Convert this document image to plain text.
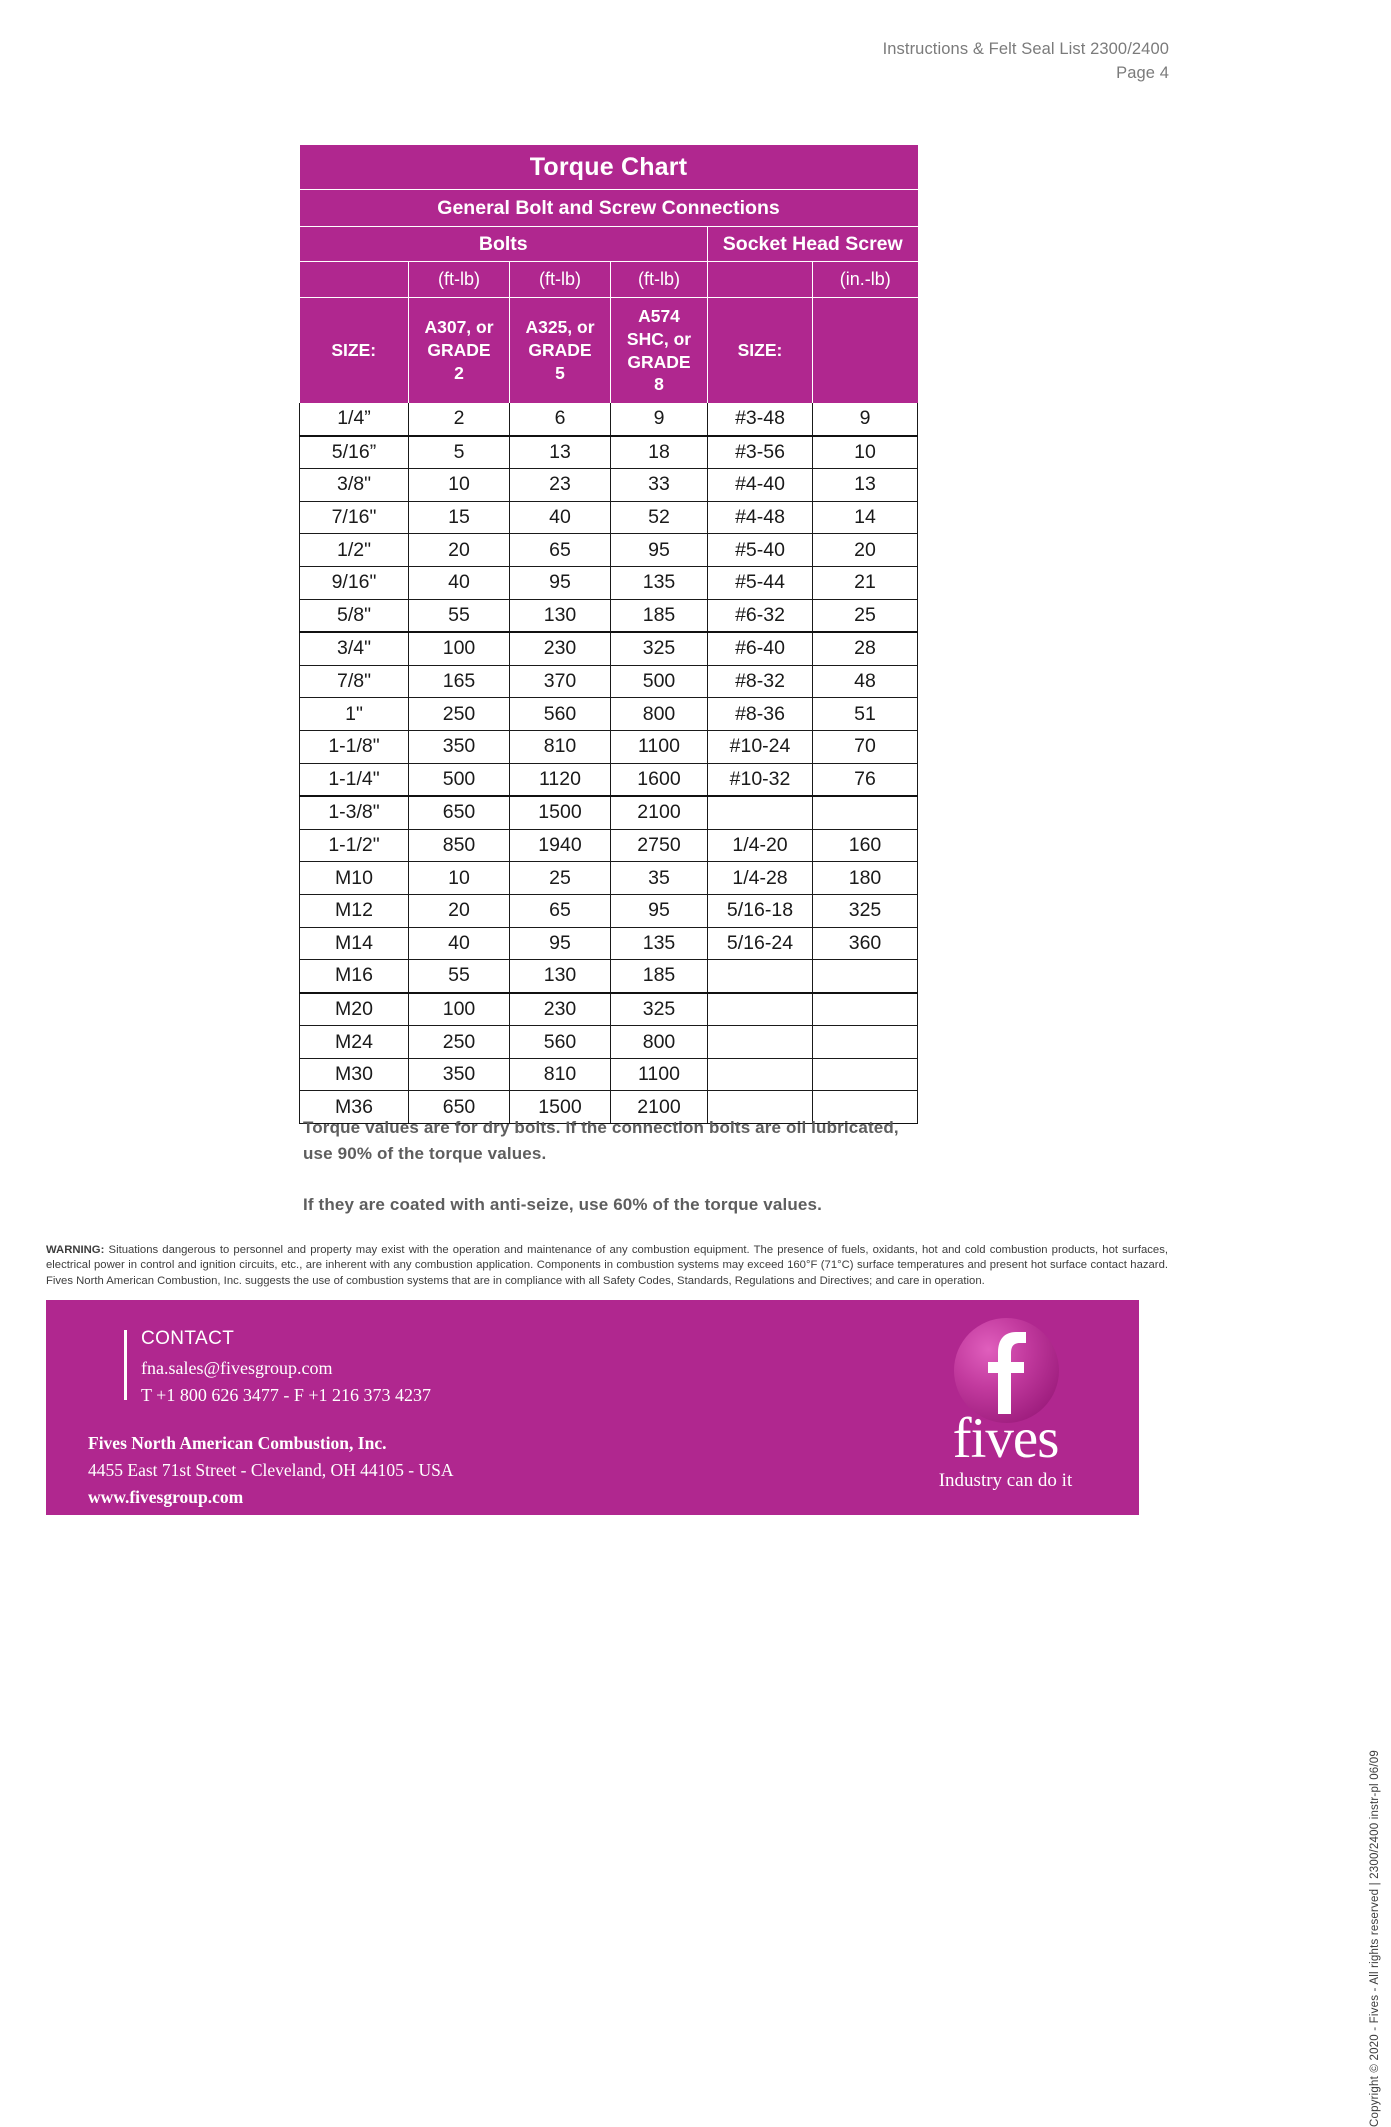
Instructions & Felt Seal List 2300/2400
Page 4
Torque Chart					
General Bolt and Screw Connections					
Bolts				Socket Head Screw	
	(ft-lb)	(ft-lb)	(ft-lb)		(in.-lb)
SIZE:	A307, or
GRADE
2	A325, or
GRADE
5	A574
SHC, or
GRADE
8	SIZE:	
1/4”	2	6	9	#3-48	9
5/16”	5	13	18	#3-56	10
3/8"	10	23	33	#4-40	13
7/16"	15	40	52	#4-48	14
1/2"	20	65	95	#5-40	20
9/16"	40	95	135	#5-44	21
5/8"	55	130	185	#6-32	25
3/4"	100	230	325	#6-40	28
7/8"	165	370	500	#8-32	48
1"	250	560	800	#8-36	51
1-1/8"	350	810	1100	#10-24	70
1-1/4"	500	1120	1600	#10-32	76
1-3/8"	650	1500	2100		
1-1/2"	850	1940	2750	1/4-20	160
M10	10	25	35	1/4-28	180
M12	20	65	95	5/16-18	325
M14	40	95	135	5/16-24	360
M16	55	130	185		
M20	100	230	325		
M24	250	560	800		
M30	350	810	1100		
M36	650	1500	2100		

Torque values are for dry bolts. If the connection bolts are oil lubricated, use 90% of the torque values.

If they are coated with anti-seize, use 60% of the torque values.

WARNING: Situations dangerous to personnel and property may exist with the operation and maintenance of any combustion equipment. The presence of fuels, oxidants, hot and cold combustion products, hot surfaces, electrical power in control and ignition circuits, etc., are inherent with any combustion application. Components in combustion systems may exceed 160°F (71°C) surface temperatures and present hot surface contact hazard. Fives North American Combustion, Inc. suggests the use of combustion systems that are in compliance with all Safety Codes, Standards, Regulations and Directives; and care in operation.
CONTACT
fna.sales@fivesgroup.com
T +1 800 626 3477 - F +1 216 373 4237
Fives North American Combustion, Inc.
4455 East 71st Street - Cleveland, OH 44105 - USA
www.fivesgroup.com
fives
Industry can do it
Copyright © 2020 - Fives - All rights reserved | 2300/2400 instr-pl 06/09
